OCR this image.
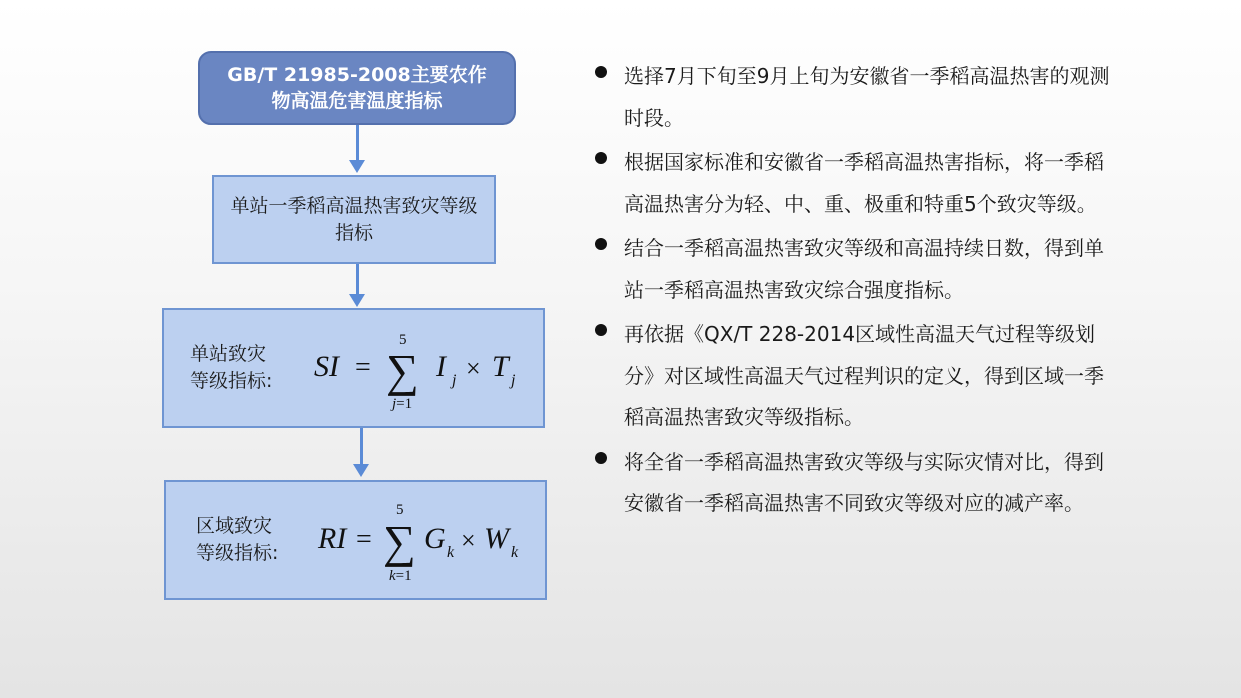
GB/T 21985-2008主要农作物高温危害温度指标
单站一季稻高温热害致灾等级指标
单站致灾
等级指标: SI =
5
∑
j=1
I j × T j
区域致灾
等级指标: RI =
5
∑
k=1
G k × W k
选择7月下旬至9月上旬为安徽省一季稻高温热害的观测时段。
根据国家标准和安徽省一季稻高温热害指标，将一季稻高温热害分为轻、中、重、极重和特重5个致灾等级。
结合一季稻高温热害致灾等级和高温持续日数，得到单站一季稻高温热害致灾综合强度指标。
再依据《QX/T 228-2014区域性高温天气过程等级划分》对区域性高温天气过程判识的定义，得到区域一季稻高温热害致灾等级指标。
将全省一季稻高温热害致灾等级与实际灾情对比，得到安徽省一季稻高温热害不同致灾等级对应的减产率。
